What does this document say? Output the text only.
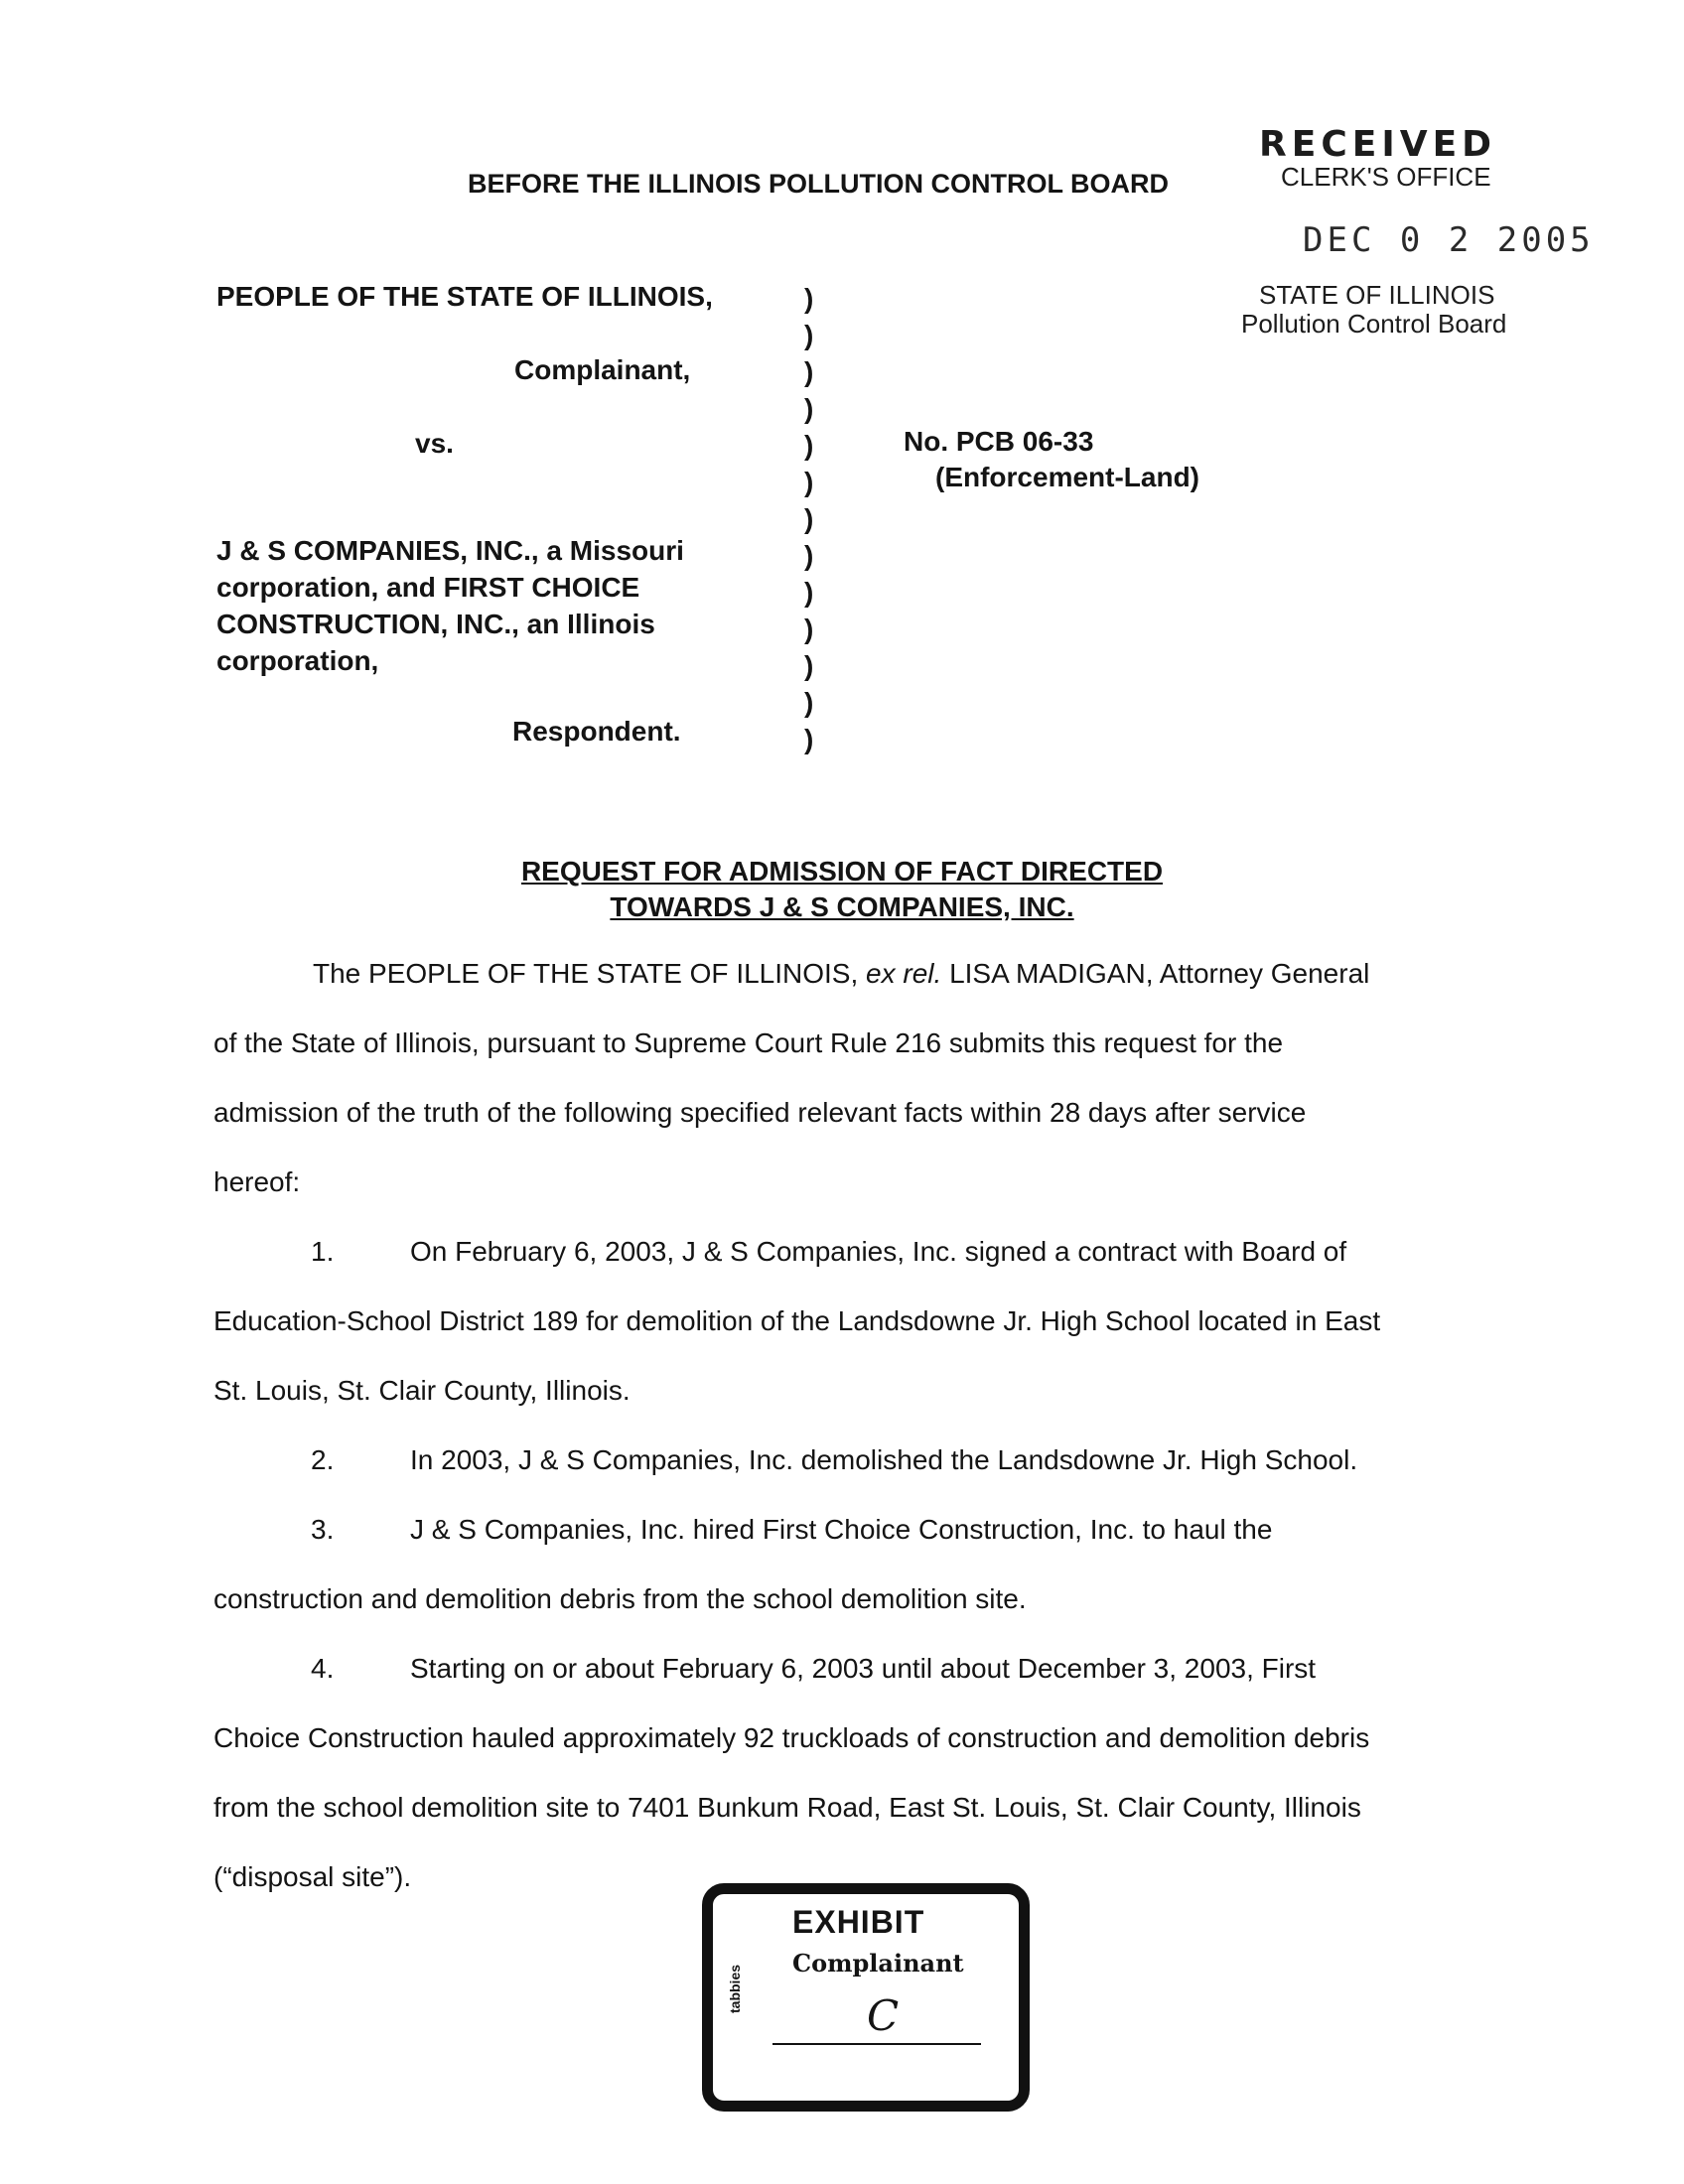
RECEIVED
CLERK'S OFFICE
DEC 0 2 2005
STATE OF ILLINOIS
Pollution Control Board
BEFORE THE ILLINOIS POLLUTION CONTROL BOARD
PEOPLE OF THE STATE OF ILLINOIS,
Complainant,
vs.
J & S COMPANIES, INC., a Missouri
corporation, and FIRST CHOICE
CONSTRUCTION, INC., an Illinois
corporation,
Respondent.
)
)
)
)
)
)
)
)
)
)
)
)
)
No. PCB 06-33
(Enforcement-Land)
REQUEST FOR ADMISSION OF FACT DIRECTED
TOWARDS J & S COMPANIES, INC.
The PEOPLE OF THE STATE OF ILLINOIS, ex rel. LISA MADIGAN, Attorney General
of the State of Illinois, pursuant to Supreme Court Rule 216 submits this request for the
admission of the truth of the following specified relevant facts within 28 days after service
hereof:
1.	On February 6, 2003, J & S Companies, Inc. signed a contract with Board of
Education-School District 189 for demolition of the Landsdowne Jr. High School located in East
St. Louis, St. Clair County, Illinois.
2.	In 2003, J & S Companies, Inc. demolished the Landsdowne Jr. High School.
3.	J & S Companies, Inc. hired First Choice Construction, Inc. to haul the
construction and demolition debris from the school demolition site.
4.	Starting on or about February 6, 2003 until about December 3, 2003, First
Choice Construction hauled approximately 92 truckloads of construction and demolition debris
from the school demolition site to 7401 Bunkum Road, East St. Louis, St. Clair County, Illinois
(“disposal site”).
tabbies
EXHIBIT
Complainant
C
